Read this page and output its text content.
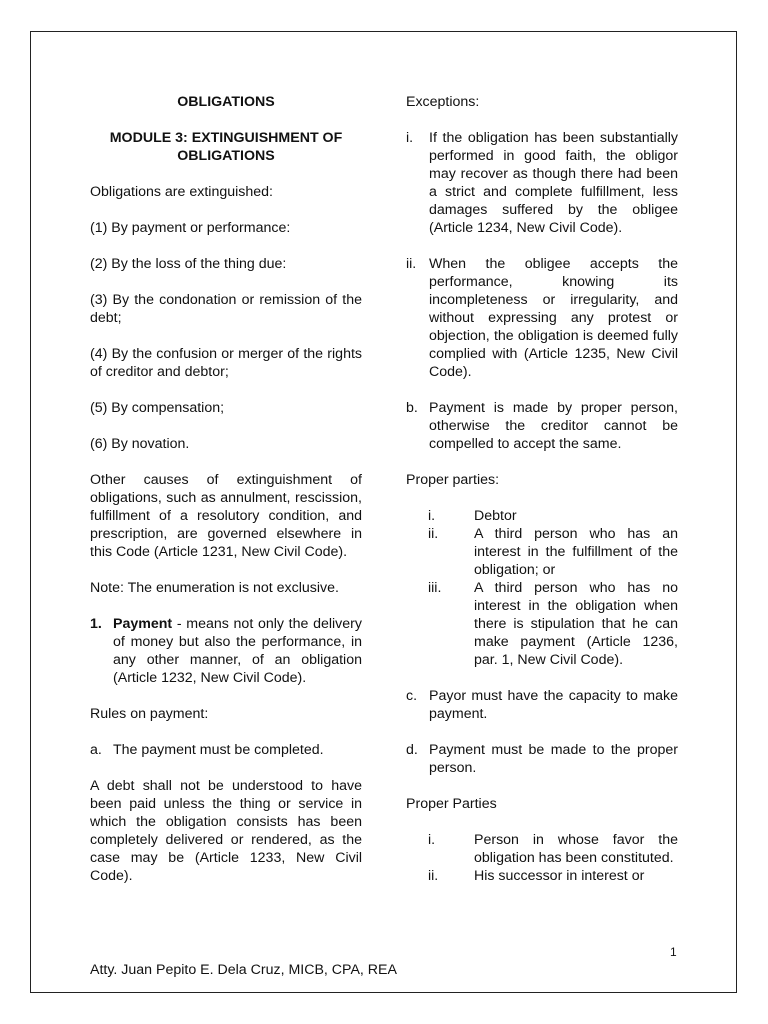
OBLIGATIONS
MODULE 3: EXTINGUISHMENT OF OBLIGATIONS

Obligations are extinguished:

(1) By payment or performance:

(2) By the loss of the thing due:

(3) By the condonation or remission of the debt;

(4) By the confusion or merger of the rights of creditor and debtor;

(5) By compensation;

(6) By novation.

Other causes of extinguishment of obligations, such as annulment, rescission, fulfillment of a resolutory condition, and prescription, are governed elsewhere in this Code (Article 1231, New Civil Code).

Note: The enumeration is not exclusive.

1. Payment - means not only the delivery of money but also the performance, in any other manner, of an obligation (Article 1232, New Civil Code).

Rules on payment:

a. The payment must be completed.

A debt shall not be understood to have been paid unless the thing or service in which the obligation consists has been completely delivered or rendered, as the case may be (Article 1233, New Civil Code).

Exceptions:

i.	If the obligation has been substantially performed in good faith, the obligor may recover as though there had been a strict and complete fulfillment, less damages suffered by the obligee (Article 1234, New Civil Code).
ii. When the obligee accepts the performance, knowing its incompleteness or irregularity, and without expressing any protest or objection, the obligation is deemed fully complied with (Article 1235, New Civil Code).
b. Payment is made by proper person, otherwise the creditor cannot be compelled to accept the same.

Proper parties:

i.	Debtor
ii.	A third person who has an interest in the fulfillment of the obligation; or
iii.	A third person who has no interest in the obligation when there is stipulation that he can make payment (Article 1236, par. 1, New Civil Code).
c. Payor must have the capacity to make payment.
d. Payment must be made to the proper person.

Proper Parties

i.	Person in whose favor the obligation has been constituted.
ii.	His successor in interest or
1
Atty. Juan Pepito E. Dela Cruz, MICB, CPA, REA
